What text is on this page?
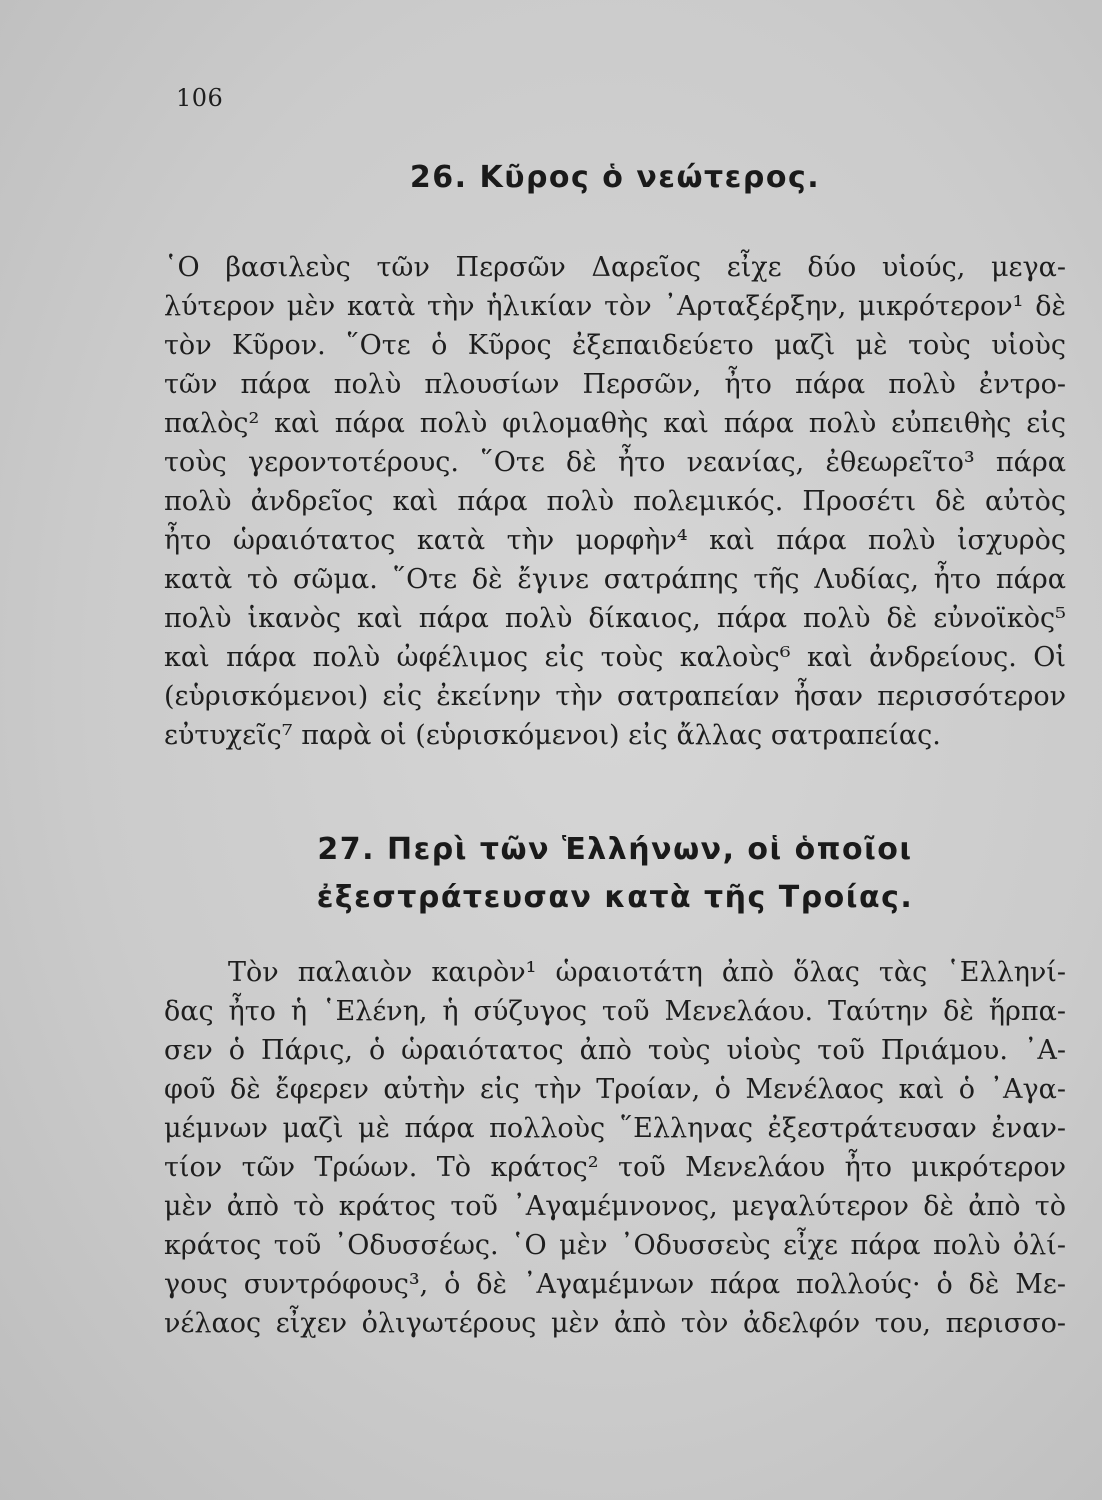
106
26. Κῦρος ὁ νεώτερος.
῾Ο βασιλεὺς τῶν Περσῶν Δαρεῖος εἶχε δύο υἱούς, μεγα-
λύτερον μὲν κατὰ τὴν ἡλικίαν τὸν ᾿Αρταξέρξην, μικρότερον¹ δὲ
τὸν Κῦρον. ῞Οτε ὁ Κῦρος ἐξεπαιδεύετο μαζὶ μὲ τοὺς υἱοὺς
τῶν πάρα πολὺ πλουσίων Περσῶν, ἦτο πάρα πολὺ ἐντρο-
παλὸς² καὶ πάρα πολὺ φιλομαθὴς καὶ πάρα πολὺ εὐπειθὴς εἰς
τοὺς γεροντοτέρους. ῞Οτε δὲ ἦτο νεανίας, ἐθεωρεῖτο³ πάρα
πολὺ ἀνδρεῖος καὶ πάρα πολὺ πολεμικός. Προσέτι δὲ αὐτὸς
ἦτο ὡραιότατος κατὰ τὴν μορφὴν⁴ καὶ πάρα πολὺ ἰσχυρὸς
κατὰ τὸ σῶμα. ῞Οτε δὲ ἔγινε σατράπης τῆς Λυδίας, ἦτο πάρα
πολὺ ἱκανὸς καὶ πάρα πολὺ δίκαιος, πάρα πολὺ δὲ εὐνοϊκὸς⁵
καὶ πάρα πολὺ ὠφέλιμος εἰς τοὺς καλοὺς⁶ καὶ ἀνδρείους. Οἱ
(εὑρισκόμενοι) εἰς ἐκείνην τὴν σατραπείαν ἦσαν περισσότερον
εὐτυχεῖς⁷ παρὰ οἱ (εὑρισκόμενοι) εἰς ἄλλας σατραπείας.
27. Περὶ τῶν Ἑλλήνων, οἱ ὁποῖοι
ἐξεστράτευσαν κατὰ τῆς Τροίας.
Τὸν παλαιὸν καιρὸν¹ ὡραιοτάτη ἀπὸ ὅλας τὰς ῾Ελληνί-
δας ἦτο ἡ ῾Ελένη, ἡ σύζυγος τοῦ Μενελάου. Ταύτην δὲ ἥρπα-
σεν ὁ Πάρις, ὁ ὡραιότατος ἀπὸ τοὺς υἱοὺς τοῦ Πριάμου. ᾿Α-
φοῦ δὲ ἔφερεν αὐτὴν εἰς τὴν Τροίαν, ὁ Μενέλαος καὶ ὁ ᾿Αγα-
μέμνων μαζὶ μὲ πάρα πολλοὺς ῞Ελληνας ἐξεστράτευσαν ἐναν-
τίον τῶν Τρώων. Τὸ κράτος² τοῦ Μενελάου ἦτο μικρότερον
μὲν ἀπὸ τὸ κράτος τοῦ ᾿Αγαμέμνονος, μεγαλύτερον δὲ ἀπὸ τὸ
κράτος τοῦ ᾿Οδυσσέως. ῾Ο μὲν ᾿Οδυσσεὺς εἶχε πάρα πολὺ ὀλί-
γους συντρόφους³, ὁ δὲ ᾿Αγαμέμνων πάρα πολλούς· ὁ δὲ Με-
νέλαος εἶχεν ὀλιγωτέρους μὲν ἀπὸ τὸν ἀδελφόν του, περισσο-
